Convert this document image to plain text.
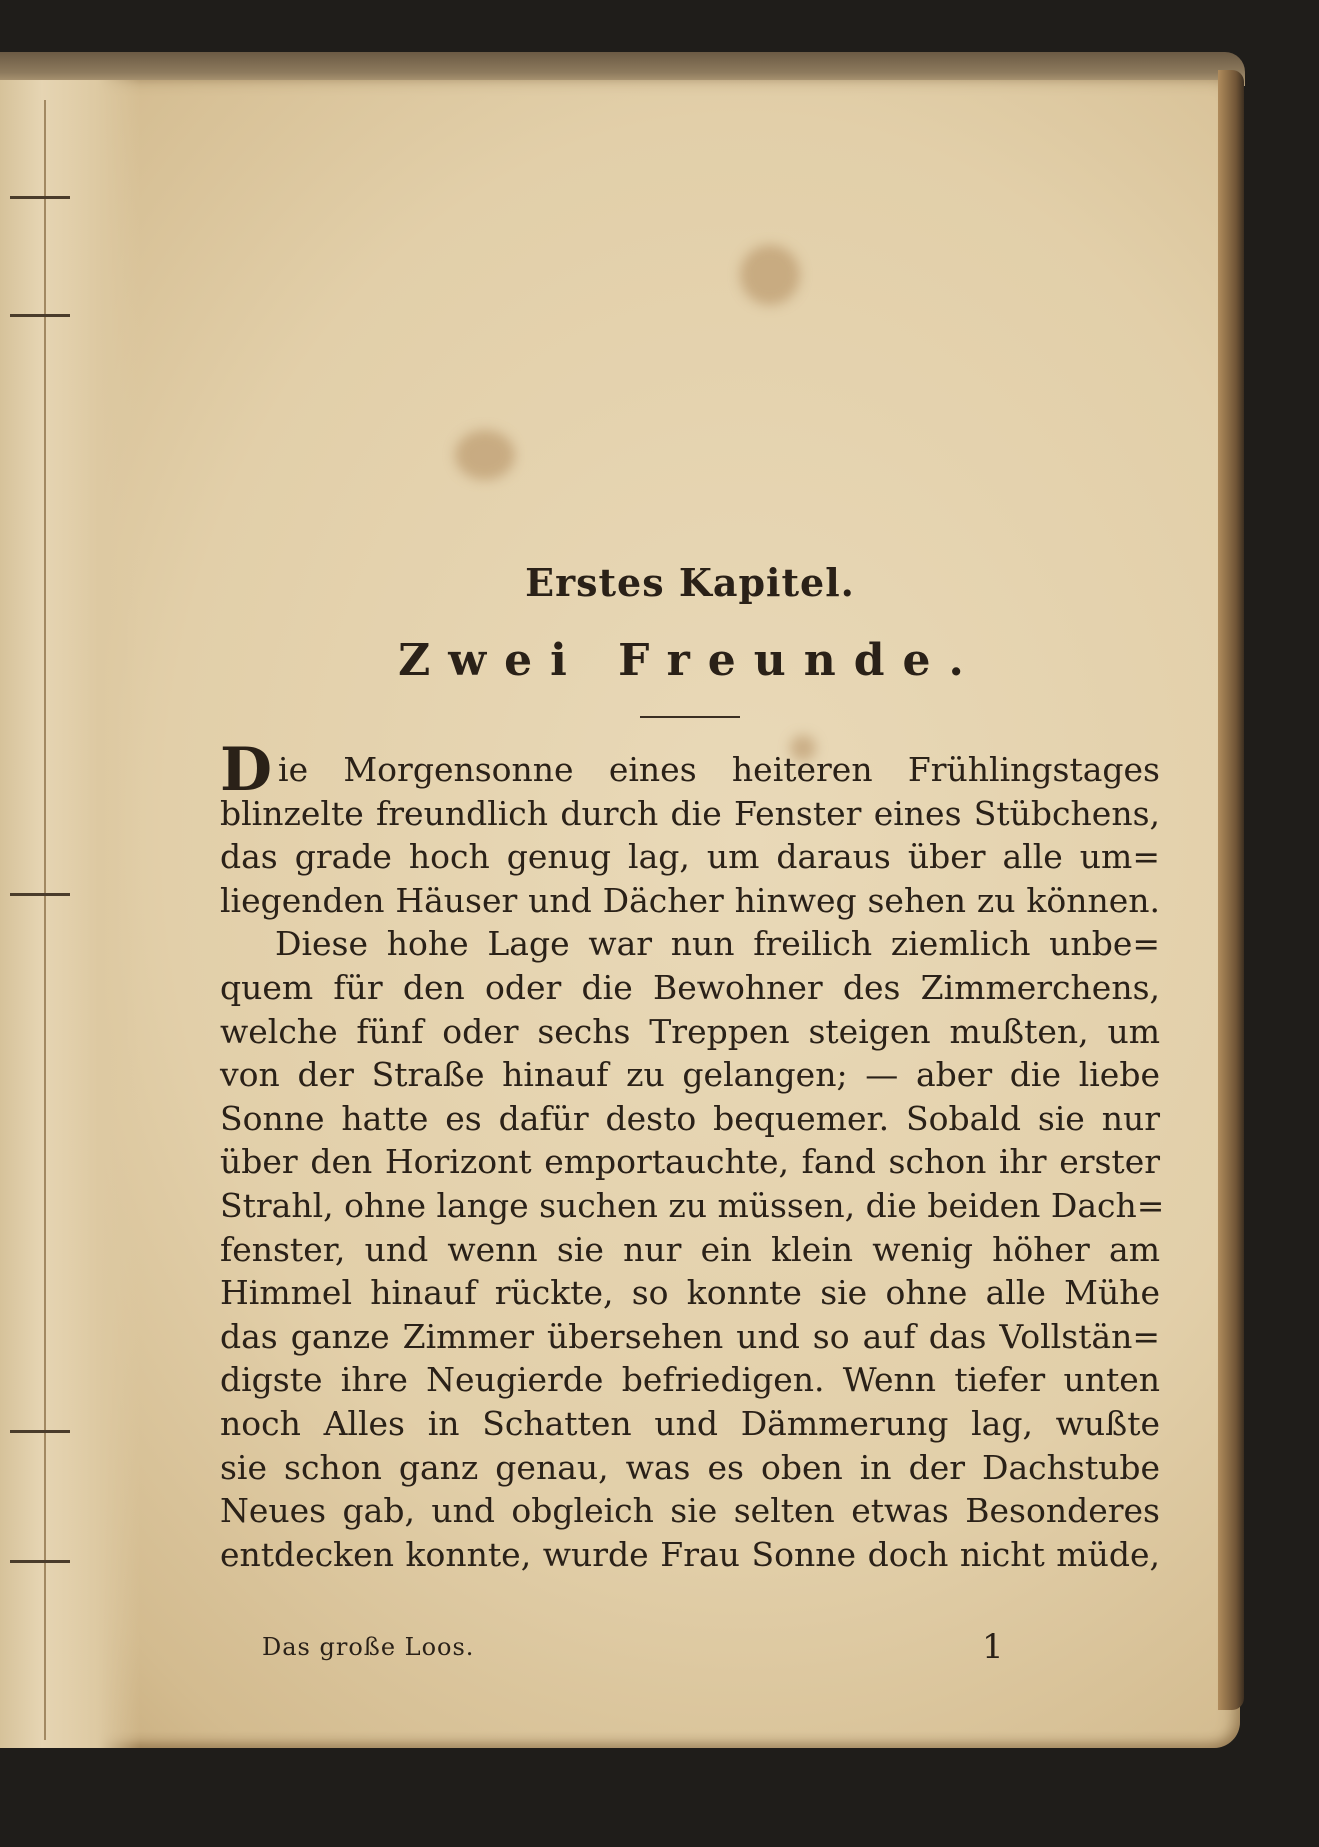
Erstes Kapitel.
Zwei Freunde.
D ie Morgensonne eines heiteren Frühlingstages
blinzelte freundlich durch die Fenster eines Stübchens,
das grade hoch genug lag, um daraus über alle um=
liegenden Häuser und Dächer hinweg sehen zu können.
Diese hohe Lage war nun freilich ziemlich unbe=
quem für den oder die Bewohner des Zimmerchens,
welche fünf oder sechs Treppen steigen mußten, um
von der Straße hinauf zu gelangen; — aber die liebe
Sonne hatte es dafür desto bequemer. Sobald sie nur
über den Horizont emportauchte, fand schon ihr erster
Strahl, ohne lange suchen zu müssen, die beiden Dach=
fenster, und wenn sie nur ein klein wenig höher am
Himmel hinauf rückte, so konnte sie ohne alle Mühe
das ganze Zimmer übersehen und so auf das Vollstän=
digste ihre Neugierde befriedigen. Wenn tiefer unten
noch Alles in Schatten und Dämmerung lag, wußte
sie schon ganz genau, was es oben in der Dachstube
Neues gab, und obgleich sie selten etwas Besonderes
entdecken konnte, wurde Frau Sonne doch nicht müde,
Das große Loos.	1
